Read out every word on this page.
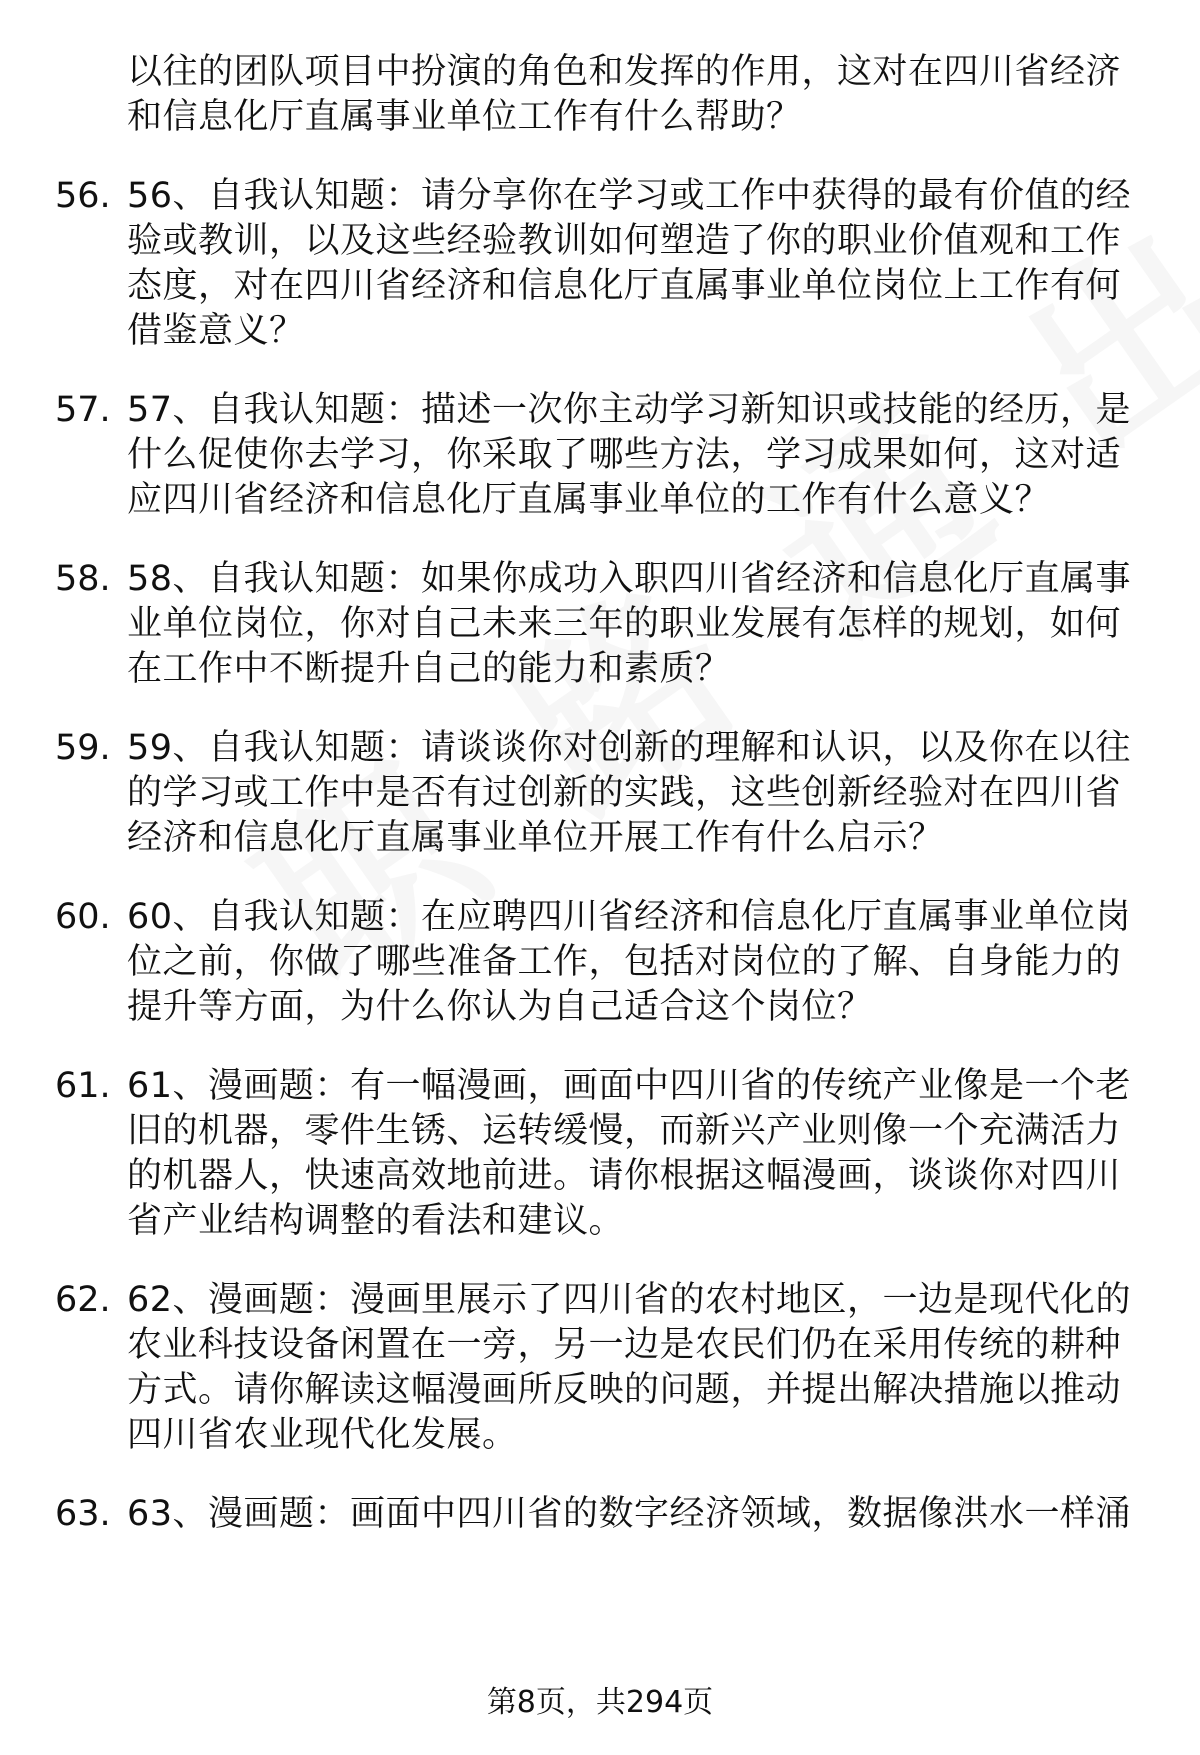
以往的团队项目中扮演的角色和发挥的作用，这对在四川省经济
和信息化厅直属事业单位工作有什么帮助？
56. 56、自我认知题：请分享你在学习或工作中获得的最有价值的经
验或教训，以及这些经验教训如何塑造了你的职业价值观和工作
态度，对在四川省经济和信息化厅直属事业单位岗位上工作有何
借鉴意义？
57. 57、自我认知题：描述一次你主动学习新知识或技能的经历，是
什么促使你去学习，你采取了哪些方法，学习成果如何，这对适
应四川省经济和信息化厅直属事业单位的工作有什么意义？
58. 58、自我认知题：如果你成功入职四川省经济和信息化厅直属事
业单位岗位，你对自己未来三年的职业发展有怎样的规划，如何
在工作中不断提升自己的能力和素质？
59. 59、自我认知题：请谈谈你对创新的理解和认识，以及你在以往
的学习或工作中是否有过创新的实践，这些创新经验对在四川省
经济和信息化厅直属事业单位开展工作有什么启示？
60. 60、自我认知题：在应聘四川省经济和信息化厅直属事业单位岗
位之前，你做了哪些准备工作，包括对岗位的了解、自身能力的
提升等方面，为什么你认为自己适合这个岗位？
61. 61、漫画题：有一幅漫画，画面中四川省的传统产业像是一个老
旧的机器，零件生锈、运转缓慢，而新兴产业则像一个充满活力
的机器人，快速高效地前进。请你根据这幅漫画，谈谈你对四川
省产业结构调整的看法和建议。
62. 62、漫画题：漫画里展示了四川省的农村地区，一边是现代化的
农业科技设备闲置在一旁，另一边是农民们仍在采用传统的耕种
方式。请你解读这幅漫画所反映的问题，并提出解决措施以推动
四川省农业现代化发展。
63. 63、漫画题：画面中四川省的数字经济领域，数据像洪水一样涌
第8页，共294页
